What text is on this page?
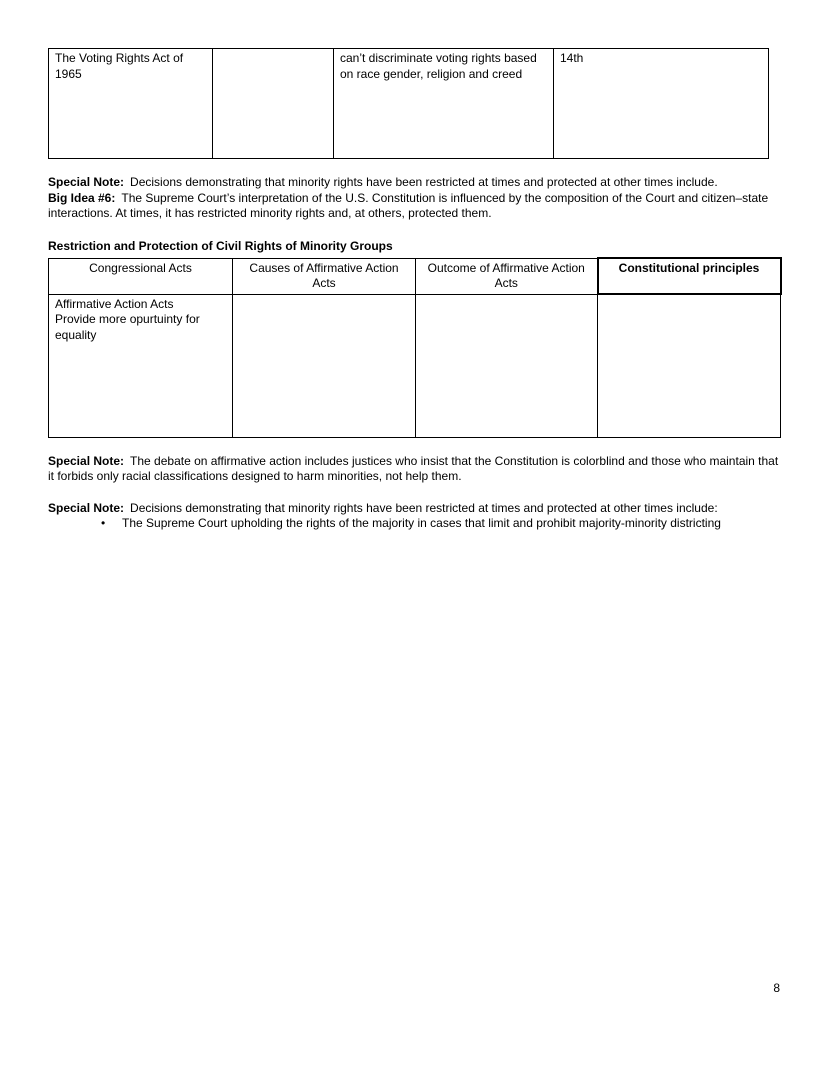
The Voting Rights Act of 1965		can’t discriminate voting rights based on race gender, religion and creed	14th

Special Note: Decisions demonstrating that minority rights have been restricted at times and protected at other times include.

Big Idea #6: The Supreme Court’s interpretation of the U.S. Constitution is influenced by the composition of the Court and citizen–state interactions. At times, it has restricted minority rights and, at others, protected them.

Restriction and Protection of Civil Rights of Minority Groups
Congressional Acts	Causes of Affirmative Action Acts	Outcome of Affirmative Action Acts	Constitutional principles

Affirmative Action Acts
Provide more opurtuinty for equality			

Special Note: The debate on affirmative action includes justices who insist that the Constitution is colorblind and those who maintain that it forbids only racial classifications designed to harm minorities, not help them.

Special Note: Decisions demonstrating that minority rights have been restricted at times and protected at other times include:

• The Supreme Court upholding the rights of the majority in cases that limit and prohibit majority-minority districting
8
